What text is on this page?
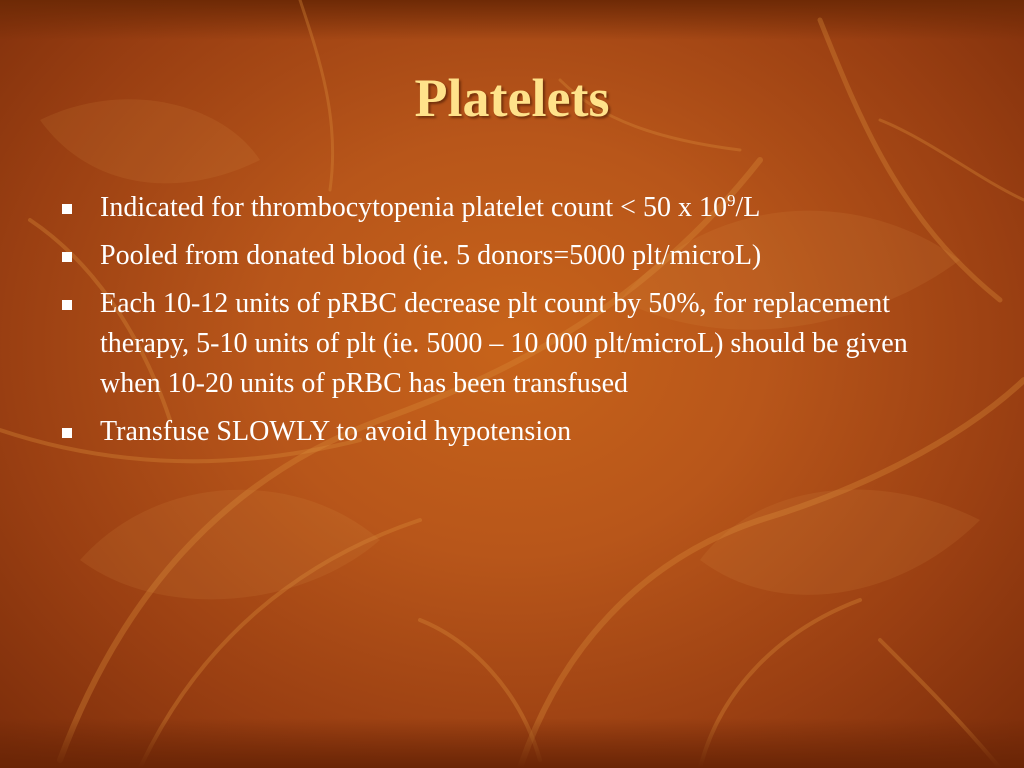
Platelets
Indicated for thrombocytopenia platelet count < 50 x $10^9/L$
Pooled from donated blood (ie. 5 donors=5000 plt/microL)
Each 10-12 units of pRBC decrease plt count by 50%, for replacement therapy, 5-10 units of plt (ie. 5000 – 10 000 plt/microL) should be given when 10-20 units of pRBC has been transfused
Transfuse SLOWLY to avoid hypotension
